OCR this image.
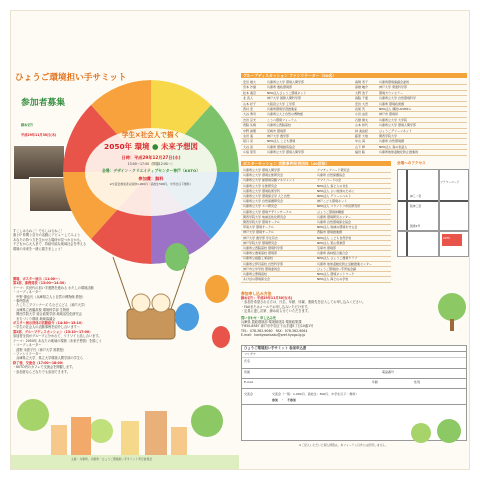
ひょうご環境担い手サミット
参加者募集
締め切り
平成29年11月30日(木)
すこしはるねこ！でもしはるねこ！
誰と⁉ 仲間と自分の活動にデビューしてみよう
あなたの持つ力を生かせる場所が見つかるかも。
子どもから大人まで、持続可能な地域社会を考える
環境の未来を一緒に描きましょう！
開場、ポスター展示（11:00～）
第1部、事例発表（13:00～14:30）
テーマ：次世代の担い手連携を進める わたしの環境活動
・コーディネーター
　中野 慎也氏（兵庫県立人と自然の博物館 教授）
・事例発表
　たこたこプランナーズ ちむどんどん（神戸大学）
　兵庫県立西脇高校 環境科学部 生物班
　関西学院大学 総合政策学部 地域活性化研究会
　まちづくり環境 地域協議会
ポスター展示団体の活動紹介（14:30～15:10）
～学生の社会人の活動事例を紹介し合います～
第2部、グループディスカッション（15:10～17:00）
参加者全員がグループに分かれて、ワイワイと話し合います。
テーマ：2050年 あなたの地域の環境（未来予想図）を描こう
・コーディネーター
　清野 未恵子氏（神戸大学 准教授）
・ファシリテーター
　兵庫県立大学、県立大学環境人間学部の学生ら
終了後、交流会（17:00～18:00）
・KIITO内のカフェで交流会を開催します。
・参加者ならどなたでも参加できます。
学生×社会人で描く
2050年 環境 ● 未来予想図
日時：平成29年12月27日(水)
13:00～17:00（開場12:00～）
会場：デザイン・クリエイティブセンター神戸（KIITO）
参加費：無料
※交流会参加者は別途1,000円（高校生500円、中学生以下無料）
主催：兵庫県、兵庫県・ひょうご環境担い手サミット実行委員会
グループディスカッション ファシリテーター（30名）
安田 雄大	兵庫県立大学 環境人間学部	森岡 寿子	兵庫県環境審議会委員
宮本 沙織	兵庫県 農政環境部	高橋 峻介	神戸大学 発達科学部
松本 義章	NPO法人ひょうご環境ネット	大野 浩子	環境カウンセラー
北 直人	神戸大学 国際人間科学部	森脇 千夏	兵庫県立大学 自然環境科学
山本 好子	大阪府立大学 工学部	安田 大吾	兵庫県 環境政策課
西村 恵	兵庫県環境学習推進室	長尾 茂	NPO法人 棚田LOVER's
大谷 勇司	兵庫県立人と自然の博物館	小田 由佳	神戸市 環境局
吉田 宗夫	こうべ環境フォーラム	石橋 健太	兵庫県立大学 大学院
西脇 弘樹	兵庫県立西脇高校	山本 和代	兵庫県立大学 環境人間学部
中野 眞理	尼崎市 環境部	林 美由紀	ひょうごグリーンネット
永田 遥	神戸大学 農学部	藤原 大地	関西学院大学
坂口 亮	NPO法人 こども環境	中山 真	兵庫県 自然環境課
大谷 晃	兵庫県 環境創造協会	山下 修	NPO法人 森の世話人
小島 里奈	兵庫県立大学 環境人間学部	福田 聡	兵庫県地球温暖化防止推進員
ポスターセッション 活動事例発表団体（40団体）
兵庫県立大学 環境人間学部	アマチュアバード研究会
兵庫県立大学 環境生態研究会	兵庫県 自然保護協会
兵庫県立大学 緑環境景観マネジメント	アマミバードの会
兵庫県立大学 生態研究会	NPO法人 森と人の共生
兵庫県立大学 環境政策学科	NPO法人 よい地球のために
兵庫県立大学 環境保全学 人と自然	NPO法人 グリーンベルト
兵庫県立大学 自然保護研究会	神戸こども環境ネット
兵庫県立大学 エコ研究会	NPO法人 コウノトリ市民研究所
兵庫県立大学 環境デザインサークル	ひょうご環境体験館
関西学院大学 地域活性化研究会	兵庫県 環境研究センター
関西学院大学 環境サークル	兵庫県 自然環境保全協会
甲南大学 環境サークル	NPO法人 地域の環境を守る会
神戸大学 環境サークル	西脇市 環境推進課
神戸大学 農学部 学生有志	NPO法人 こども自然学校
神戸学院大学 環境研究会	NPO法人 里山倶楽部
兵庫県立西脇高校 環境科学部	宝塚市 環境部
兵庫県立農業高校 環境部	兵庫県 森林組合連合会
兵庫県立姫路工業高校	NPO法人 ひょうご農業クラブ
兵庫県立伊丹高校 自然科学部	兵庫県 地球温暖化防止活動推進センター
神戸市立中学校 環境委員会	ひょうご環境担い手育成会議
兵庫県立豊岡高校	NPO法人 環境ネットワーク
あけぼの環境保全会	NPO法人 海と山の学校
会場へのアクセス
KIITO
JR三ノ宮
阪神三宮
フラワーロード
国道2号
参加申し込み方法
締め切り：平成29年11月30日(木)
・参加を希望される方は、氏名、年齢、所属、連絡先を記入してお申し込みください。
・FAXまたはメールでお申し込みいただけます。
・定員に達し次第、締め切らせていただきます。
問い合わせ・申し込み先
兵庫県 農政環境部 環境創造局 環境政策課
〒650-8567 神戸市中央区下山手通5丁目10番1号
TEL：078-362-9060　FAX：078-362-9064
E-mail：kankyoseisaku@pref.hyogo.lg.jp
ひょうご環境担い手サミット 参加申込書
フリガナ
氏名
所属	電話番号
E-mail	年齢	性別
交流会	交流会（一般：1,000円、高校生：500円、中学生以下：無料）
参加　・　不参加
※ご記入いただいた個人情報は、本フォーラム以外には使用しません。
